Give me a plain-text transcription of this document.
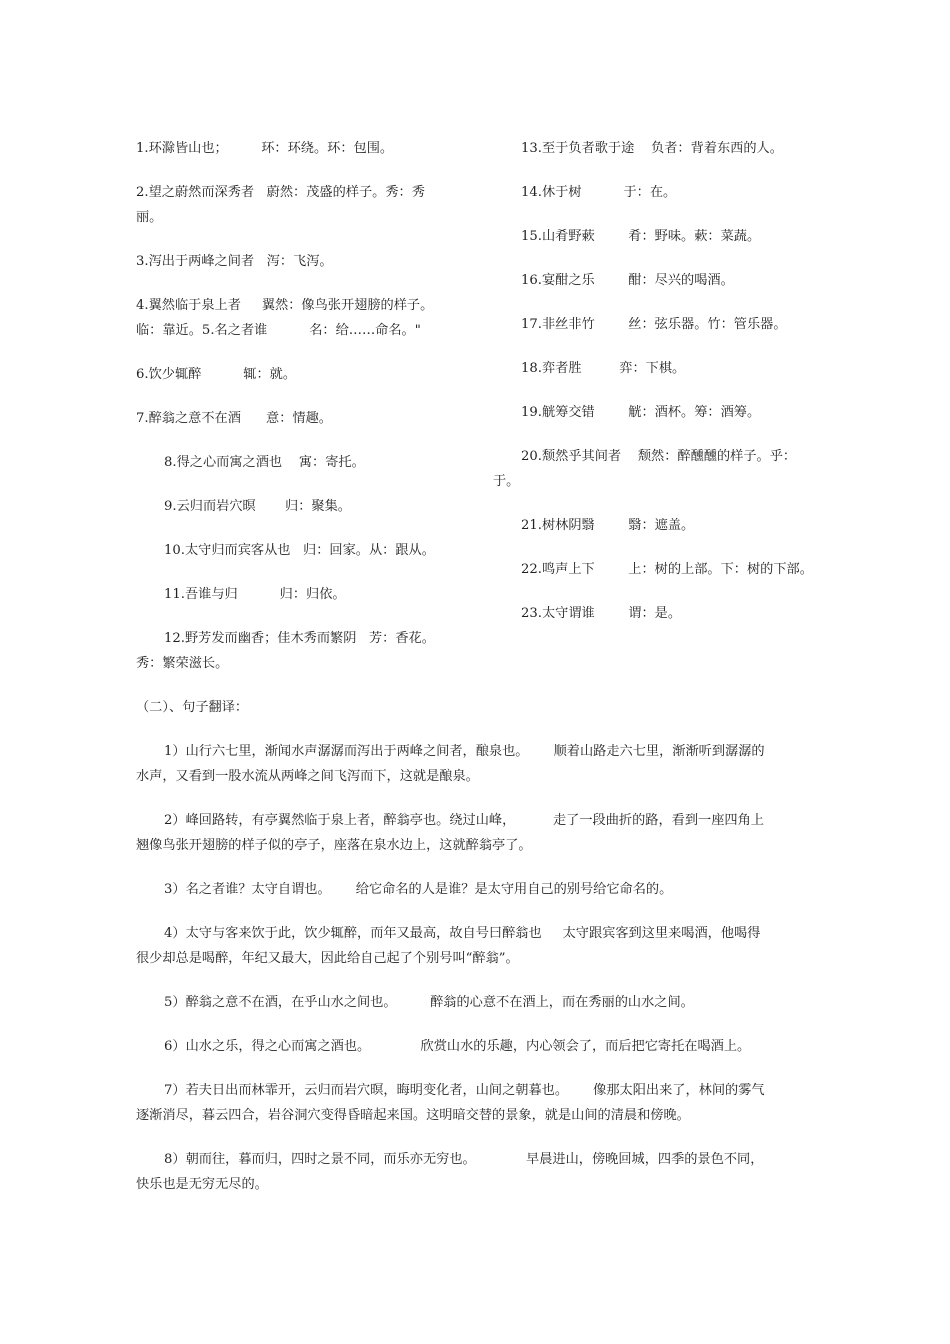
1.环滁皆山也；        环：环绕。环：包围。
2.望之蔚然而深秀者   蔚然：茂盛的样子。秀：秀
丽。
3.泻出于两峰之间者   泻：飞泻。
4.翼然临于泉上者     翼然：像鸟张开翅膀的样子。
临：靠近。5.名之者谁          名：给……命名。"
6.饮少辄醉          辄：就。
7.醉翁之意不在酒      意：情趣。
8.得之心而寓之酒也    寓：寄托。
9.云归而岩穴暝       归：聚集。
10.太守归而宾客从也   归：回家。从：跟从。
11.吾谁与归          归：归依。
12.野芳发而幽香；佳木秀而繁阴   芳：香花。
秀：繁荣滋长。
13.至于负者歌于途    负者：背着东西的人。
14.休于树          于：在。
15.山肴野蔌        肴：野味。蔌：菜蔬。
16.宴酣之乐        酣：尽兴的喝酒。
17.非丝非竹        丝：弦乐器。竹：管乐器。
18.弈者胜         弈：下棋。
19.觥筹交错        觥：酒杯。筹：酒筹。
20.颓然乎其间者    颓然：醉醺醺的样子。乎：
于。
21.树林阴翳        翳：遮盖。
22.鸣声上下        上：树的上部。下：树的下部。
23.太守谓谁        谓：是。
（二）、句子翻译：
1）山行六七里，渐闻水声潺潺而泻出于两峰之间者，酿泉也。      顺着山路走六七里，渐渐听到潺潺的
水声，又看到一股水流从两峰之间飞泻而下，这就是酿泉。
2）峰回路转，有亭翼然临于泉上者，醉翁亭也。绕过山峰，         走了一段曲折的路，看到一座四角上
翘像鸟张开翅膀的样子似的亭子，座落在泉水边上，这就醉翁亭了。
3）名之者谁？太守自谓也。      给它命名的人是谁？是太守用自己的别号给它命名的。
4）太守与客来饮于此，饮少辄醉，而年又最高，故自号曰醉翁也     太守跟宾客到这里来喝酒，他喝得
很少却总是喝醉，年纪又最大，因此给自己起了个别号叫“醉翁”。
5）醉翁之意不在酒，在乎山水之间也。        醉翁的心意不在酒上，而在秀丽的山水之间。
6）山水之乐，得之心而寓之酒也。            欣赏山水的乐趣，内心领会了，而后把它寄托在喝酒上。
7）若夫日出而林霏开，云归而岩穴暝，晦明变化者，山间之朝暮也。      像那太阳出来了，林间的雾气
逐渐消尽，暮云四合，岩谷洞穴变得昏暗起来国。这明暗交替的景象，就是山间的清晨和傍晚。
8）朝而往，暮而归，四时之景不同，而乐亦无穷也。            早晨进山，傍晚回城，四季的景色不同，
快乐也是无穷无尽的。
